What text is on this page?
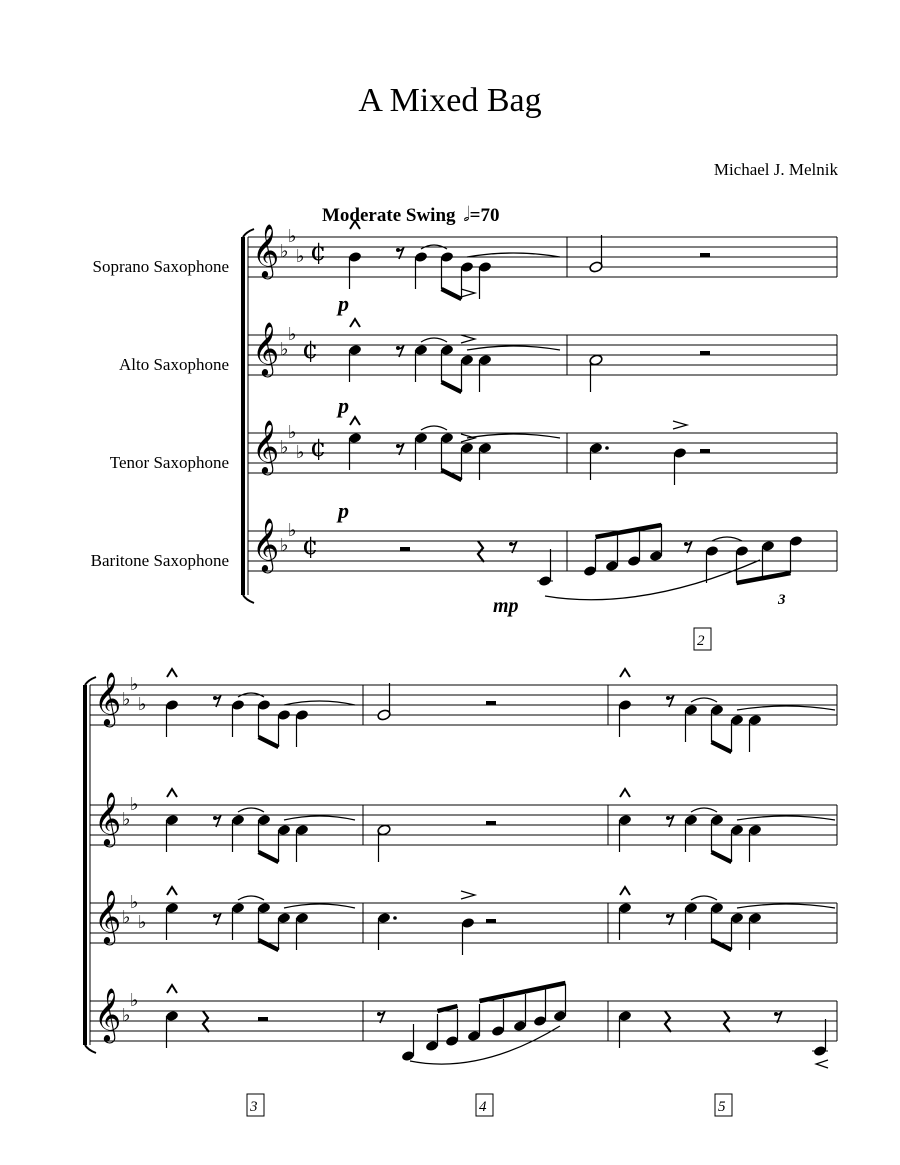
A Mixed Bag
Michael J. Melnik
Moderate Swing 𝅗𝅥=70
Soprano Saxophone
Alto Saxophone
Tenor Saxophone
Baritone Saxophone
𝄞 ♭
♭
♭ ¢
𝄞 ♭
♭
¢
𝄞 ♭
♭
♭ ¢
𝄞 ♭
♭
¢
𝄞 ♭
♭
♭
𝄞 ♭
♭
𝄞 ♭
♭
♭
𝄞 ♭
♭
p
p
p
mp	3
2
3	4	5
